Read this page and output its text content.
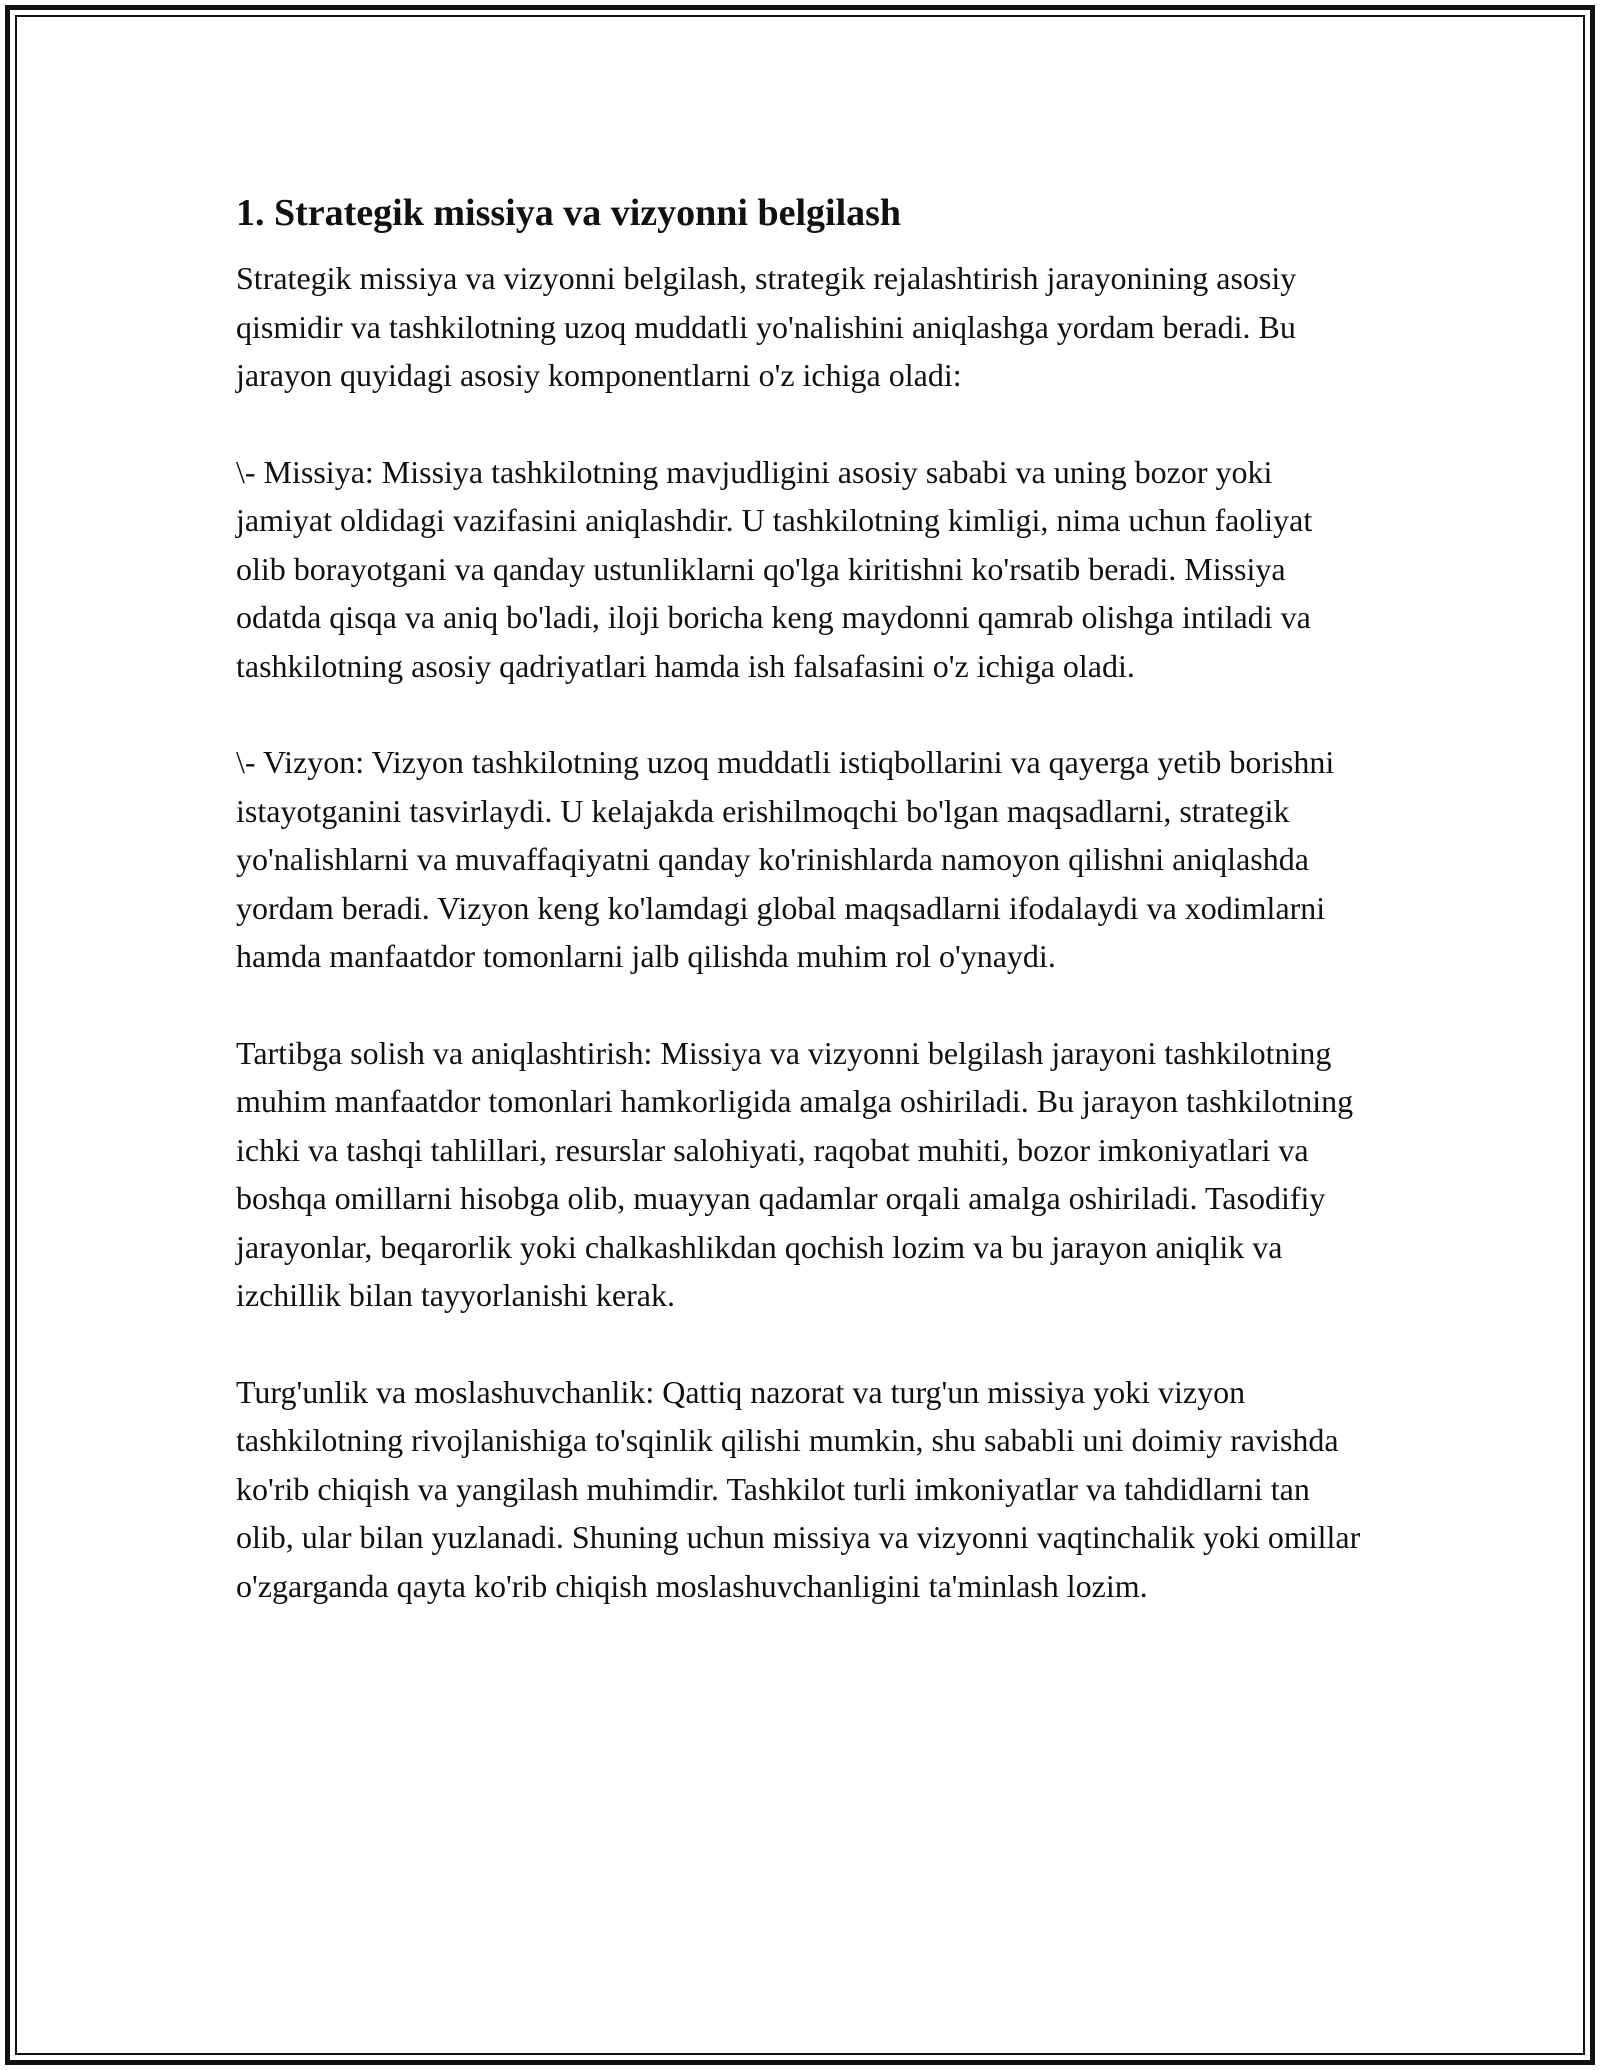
1. Strategik missiya va vizyonni belgilash

Strategik missiya va vizyonni belgilash, strategik rejalashtirish jarayonining asosiy qismidir va tashkilotning uzoq muddatli yo'nalishini aniqlashga yordam beradi. Bu jarayon quyidagi asosiy komponentlarni o'z ichiga oladi:

\- Missiya: Missiya tashkilotning mavjudligini asosiy sababi va uning bozor yoki jamiyat oldidagi vazifasini aniqlashdir. U tashkilotning kimligi, nima uchun faoliyat olib borayotgani va qanday ustunliklarni qo'lga kiritishni ko'rsatib beradi. Missiya odatda qisqa va aniq bo'ladi, iloji boricha keng maydonni qamrab olishga intiladi va tashkilotning asosiy qadriyatlari hamda ish falsafasini o'z ichiga oladi.

\- Vizyon: Vizyon tashkilotning uzoq muddatli istiqbollarini va qayerga yetib borishni istayotganini tasvirlaydi. U kelajakda erishilmoqchi bo'lgan maqsadlarni, strategik yo'nalishlarni va muvaffaqiyatni qanday ko'rinishlarda namoyon qilishni aniqlashda yordam beradi. Vizyon keng ko'lamdagi global maqsadlarni ifodalaydi va xodimlarni hamda manfaatdor tomonlarni jalb qilishda muhim rol o'ynaydi.

Tartibga solish va aniqlashtirish: Missiya va vizyonni belgilash jarayoni tashkilotning muhim manfaatdor tomonlari hamkorligida amalga oshiriladi. Bu jarayon tashkilotning ichki va tashqi tahlillari, resurslar salohiyati, raqobat muhiti, bozor imkoniyatlari va boshqa omillarni hisobga olib, muayyan qadamlar orqali amalga oshiriladi. Tasodifiy jarayonlar, beqarorlik yoki chalkashlikdan qochish lozim va bu jarayon aniqlik va izchillik bilan tayyorlanishi kerak.

Turg'unlik va moslashuvchanlik: Qattiq nazorat va turg'un missiya yoki vizyon tashkilotning rivojlanishiga to'sqinlik qilishi mumkin, shu sababli uni doimiy ravishda ko'rib chiqish va yangilash muhimdir. Tashkilot turli imkoniyatlar va tahdidlarni tan olib, ular bilan yuzlanadi. Shuning uchun missiya va vizyonni vaqtinchalik yoki omillar o'zgarganda qayta ko'rib chiqish moslashuvchanligini ta'minlash lozim.
